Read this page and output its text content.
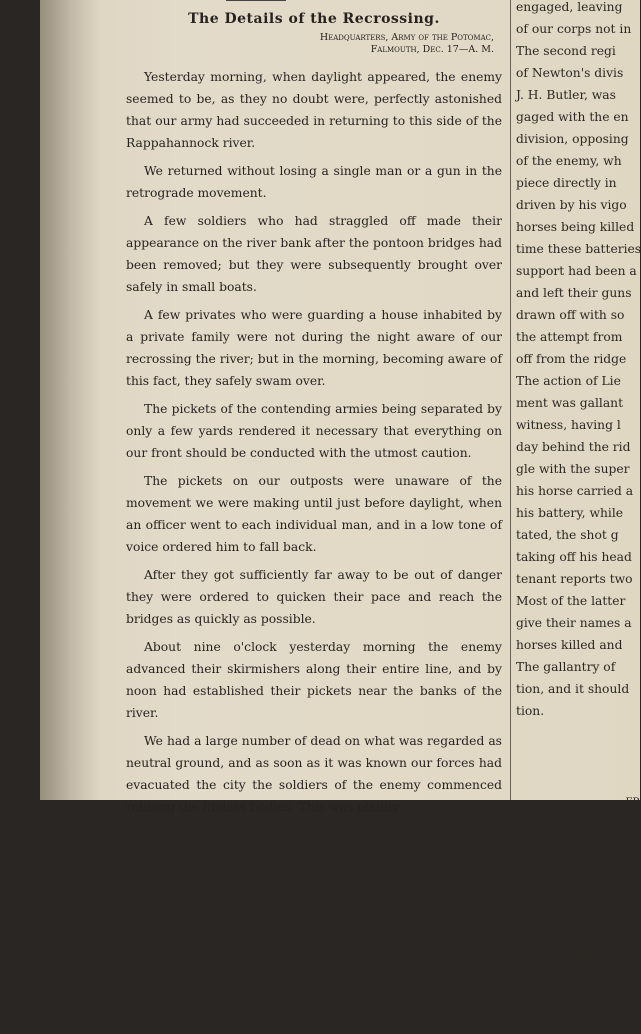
The Details of the Recrossing.
Headquarters, Army of the Potomac,
Falmouth, Dec. 17—A. M.

Yesterday morning, when daylight appeared, the enemy seemed to be, as they no doubt were, perfectly astonished that our army had succeeded in returning to this side of the Rappahannock river.

We returned without losing a single man or a gun in the retrograde movement.

A few soldiers who had straggled off made their appearance on the river bank after the pontoon bridges had been removed; but they were subsequently brought over safely in small boats.

A few privates who were guarding a house inhabited by a private family were not during the night aware of our recrossing the river; but in the morning, becoming aware of this fact, they safely swam over.

The pickets of the contending armies being separated by only a few yards rendered it necessary that everything on our front should be conducted with the utmost caution.

The pickets on our outposts were unaware of the movement we were making until just before daylight, when an officer went to each individual man, and in a low tone of voice ordered him to fall back.

After they got sufficiently far away to be out of danger they were ordered to quicken their pace and reach the bridges as quickly as possible.

About nine o'clock yesterday morning the enemy advanced their skirmishers along their entire line, and by noon had established their pickets near the banks of the river.

We had a large number of dead on what was regarded as neutral ground, and as soon as it was known our forces had evacuated the city the soldiers of the enemy commenced robbing the lifeless bodies. This was plainly

engaged, leaving
of our corps not in
The second regi
of Newton's divis
J. H. Butler, was
gaged with the en
division, opposing
of the enemy, wh
piece directly in
driven by his vigo
horses being killed
time these batteries
support had been a
and left their guns
drawn off with so
the attempt from
off from the ridge
The action of Lie
ment was gallant
witness, having l
day behind the rid
gle with the super
his horse carried a
his battery, while
tated, the shot g
taking off his head
tenant reports two
Most of the latter
give their names a
horses killed and
The gallantry of
tion, and it should
tion.
FR
The Dangerous Po
of Position—Op
the Troops—Lo
sels—the Rem
Fredericksburg
Between one
Griffin's division
occupied yesterd
remains. It will
daylight by
